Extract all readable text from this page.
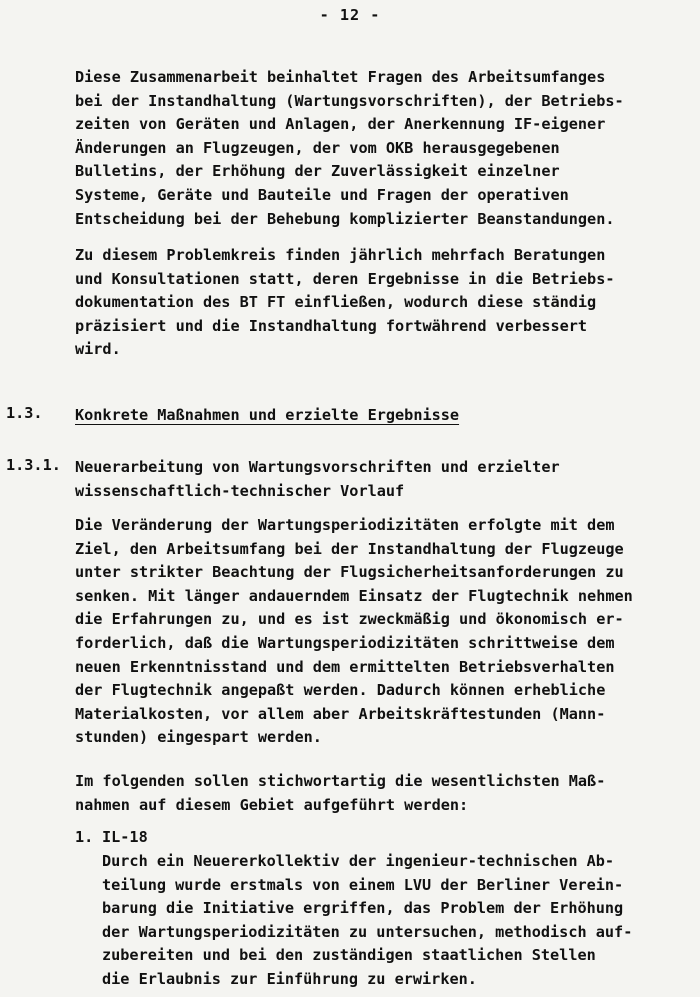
- 12 -

Diese Zusammenarbeit beinhaltet Fragen des Arbeitsumfanges
bei der Instandhaltung (Wartungsvorschriften), der Betriebs-
zeiten von Geräten und Anlagen, der Anerkennung IF-eigener
Änderungen an Flugzeugen, der vom OKB herausgegebenen
Bulletins, der Erhöhung der Zuverlässigkeit einzelner
Systeme, Geräte und Bauteile und Fragen der operativen
Entscheidung bei der Behebung komplizierter Beanstandungen.

Zu diesem Problemkreis finden jährlich mehrfach Beratungen
und Konsultationen statt, deren Ergebnisse in die Betriebs-
dokumentation des BT FT einfließen, wodurch diese ständig
präzisiert und die Instandhaltung fortwährend verbessert
wird.

1.3. Konkrete Maßnahmen und erzielte Ergebnisse
1.3.1. Neuerarbeitung von Wartungsvorschriften und erzielter
wissenschaftlich-technischer Vorlauf

Die Veränderung der Wartungsperiodizitäten erfolgte mit dem
Ziel, den Arbeitsumfang bei der Instandhaltung der Flugzeuge
unter strikter Beachtung der Flugsicherheitsanforderungen zu
senken. Mit länger andauerndem Einsatz der Flugtechnik nehmen
die Erfahrungen zu, und es ist zweckmäßig und ökonomisch er-
forderlich, daß die Wartungsperiodizitäten schrittweise dem
neuen Erkenntnisstand und dem ermittelten Betriebsverhalten
der Flugtechnik angepaßt werden. Dadurch können erhebliche
Materialkosten, vor allem aber Arbeitskräftestunden (Mann-
stunden) eingespart werden.

Im folgenden sollen stichwortartig die wesentlichsten Maß-
nahmen auf diesem Gebiet aufgeführt werden:

1. IL-18

Durch ein Neuererkollektiv der ingenieur-technischen Ab-
teilung wurde erstmals von einem LVU der Berliner Verein-
barung die Initiative ergriffen, das Problem der Erhöhung
der Wartungsperiodizitäten zu untersuchen, methodisch auf-
zubereiten und bei den zuständigen staatlichen Stellen
die Erlaubnis zur Einführung zu erwirken.
